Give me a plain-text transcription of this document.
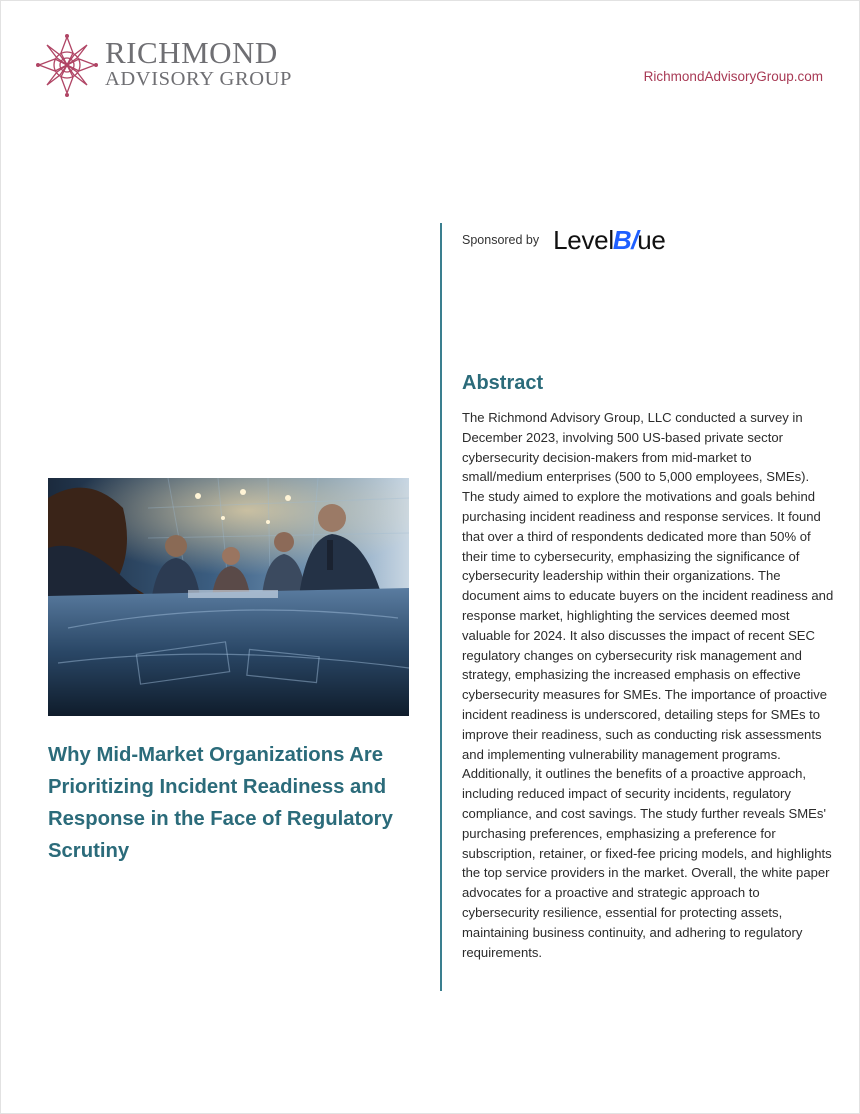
RICHMOND
ADVISORY GROUP	RichmondAdvisoryGroup.com
Sponsored by LevelB/ue
Abstract
The Richmond Advisory Group, LLC conducted a survey in December 2023, involving 500 US-based private sector cybersecurity decision-makers from mid-market to small/medium enterprises (500 to 5,000 employees, SMEs). The study aimed to explore the motivations and goals behind purchasing incident readiness and response services. It found that over a third of respondents dedicated more than 50% of their time to cybersecurity, emphasizing the significance of cybersecurity leadership within their organizations. The document aims to educate buyers on the incident readiness and response market, highlighting the services deemed most valuable for 2024. It also discusses the impact of recent SEC regulatory changes on cybersecurity risk management and strategy, emphasizing the increased emphasis on effective cybersecurity measures for SMEs. The importance of proactive incident readiness is underscored, detailing steps for SMEs to improve their readiness, such as conducting risk assessments and implementing vulnerability management programs. Additionally, it outlines the benefits of a proactive approach, including reduced impact of security incidents, regulatory compliance, and cost savings. The study further reveals SMEs' purchasing preferences, emphasizing a preference for subscription, retainer, or fixed-fee pricing models, and highlights the top service providers in the market. Overall, the white paper advocates for a proactive and strategic approach to cybersecurity resilience, essential for protecting assets, maintaining business continuity, and adhering to regulatory requirements.
Why Mid-Market Organizations Are Prioritizing Incident Readiness and Response in the Face of Regulatory Scrutiny
